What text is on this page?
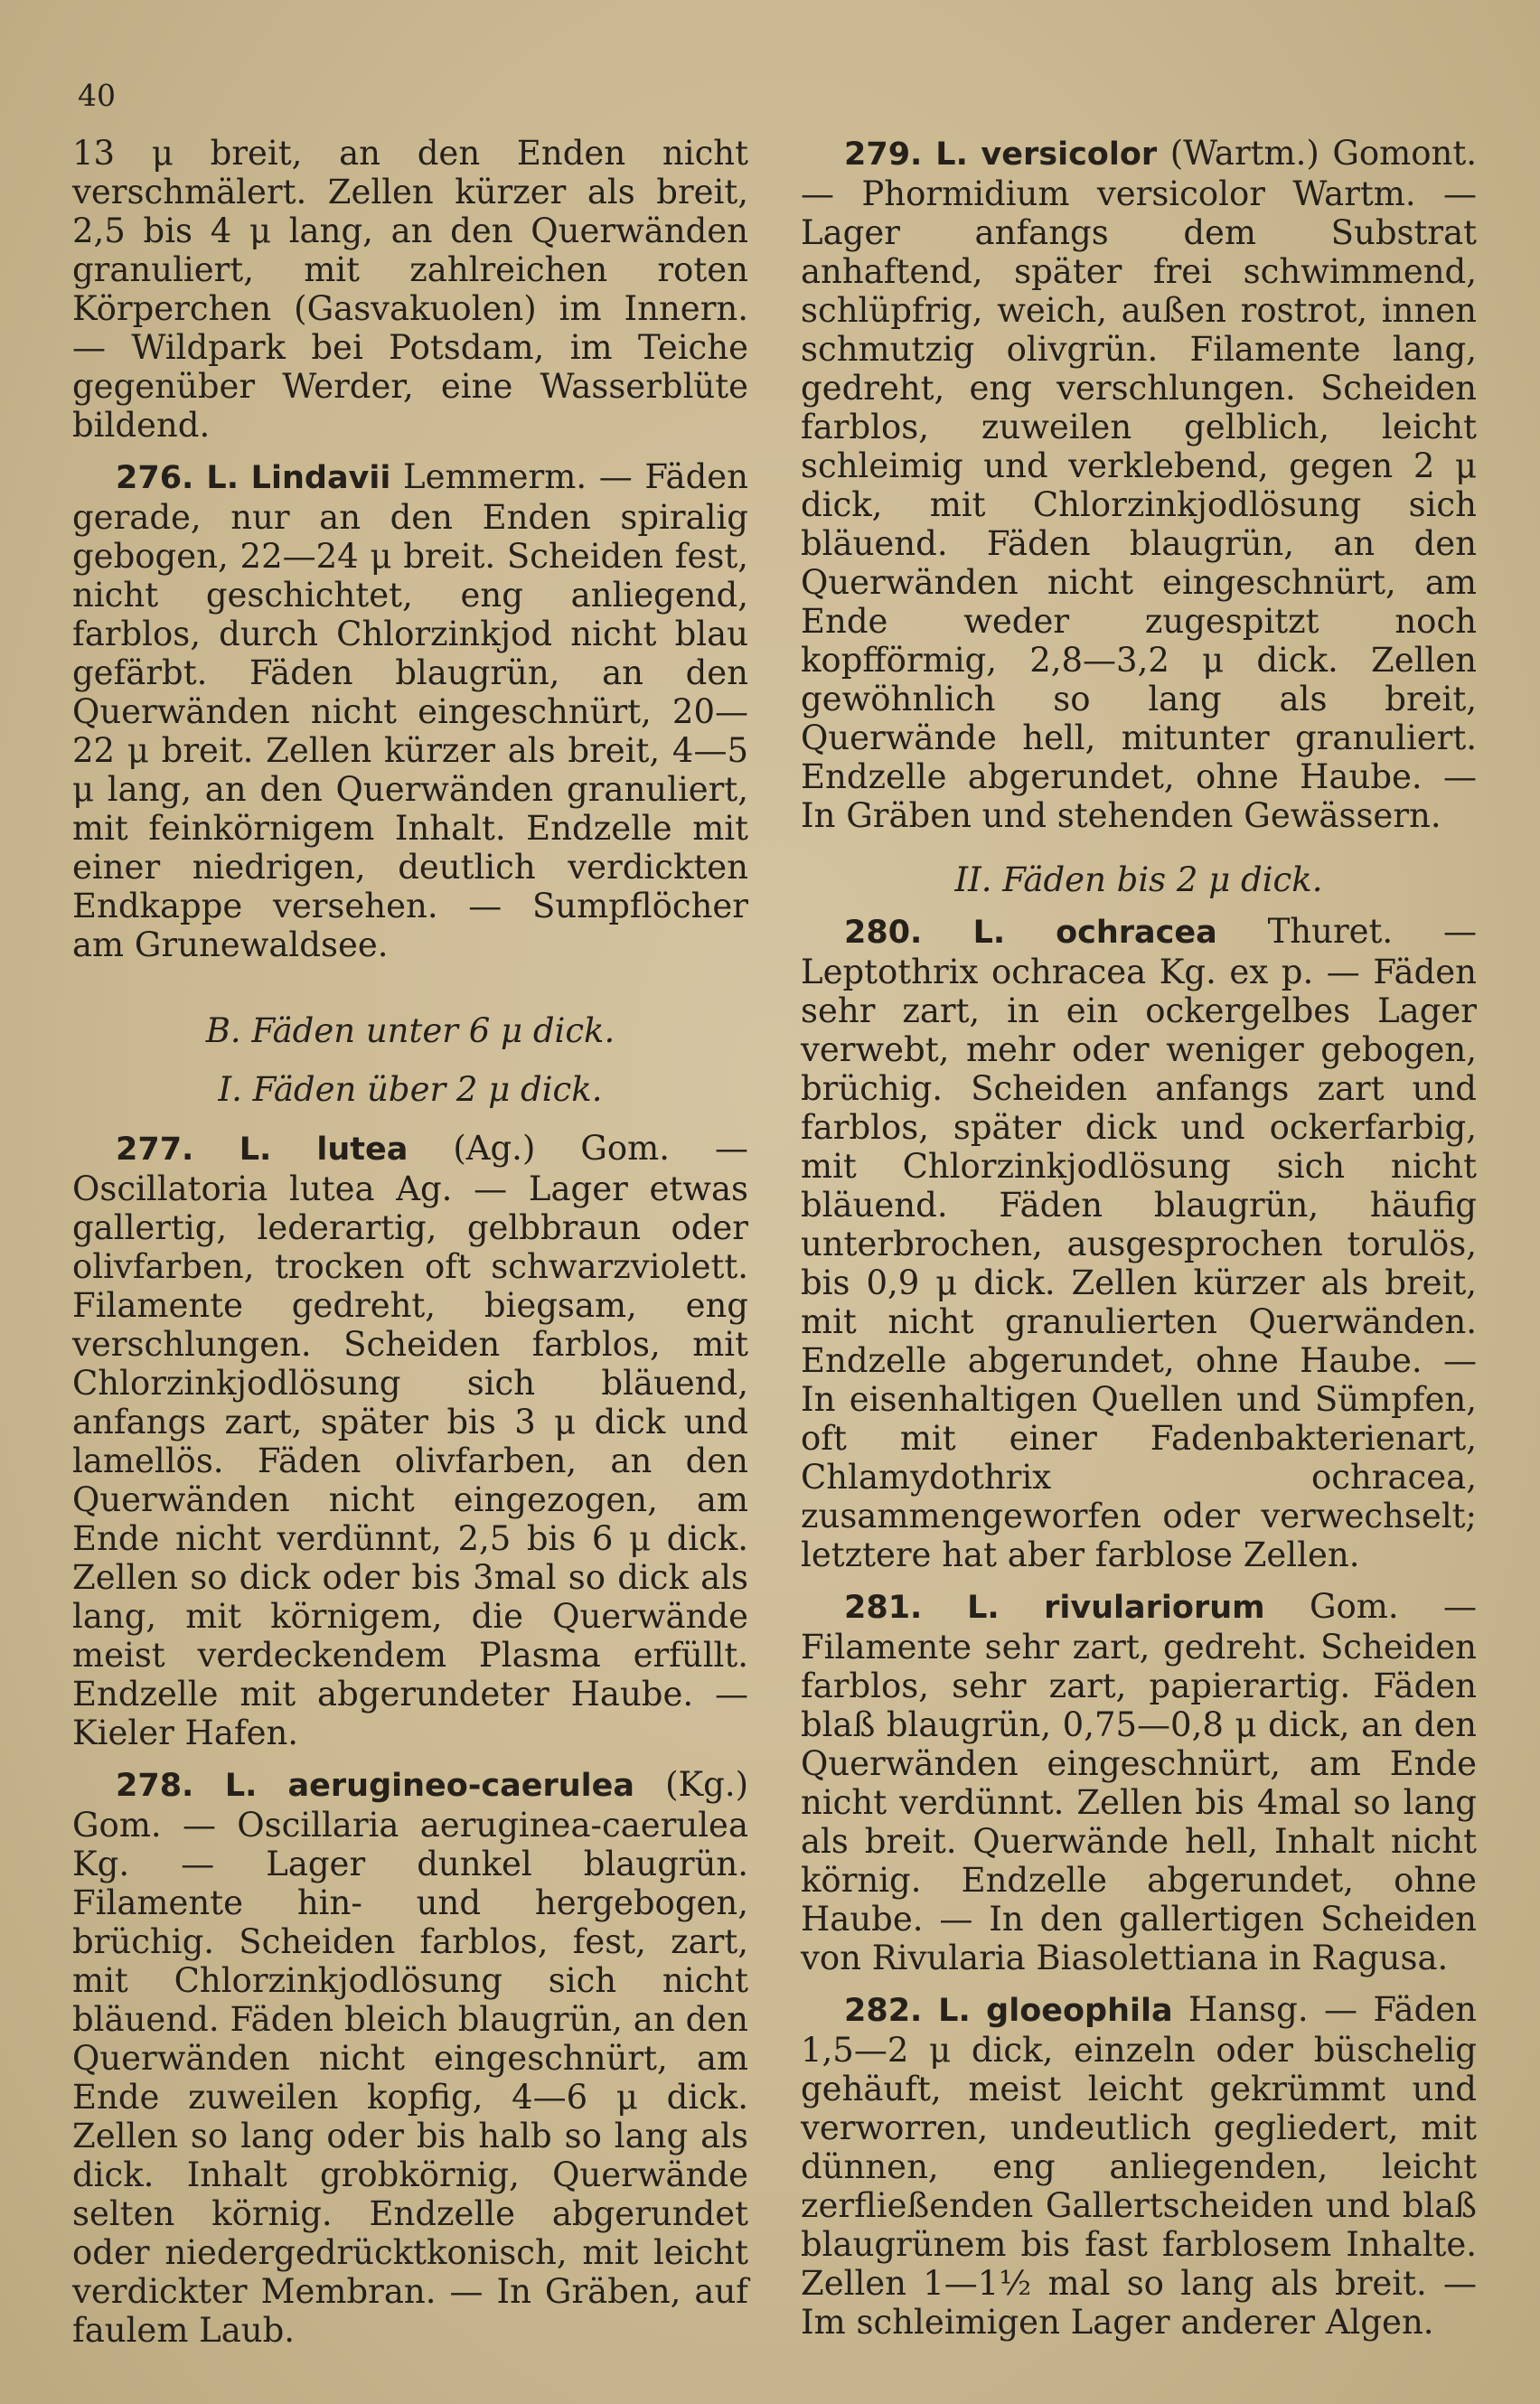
40

13 μ breit, an den Enden nicht verschmälert. Zellen kürzer als breit, 2,5 bis 4 μ lang, an den Querwänden granuliert, mit zahlreichen roten Körperchen (Gasvakuolen) im Innern. — Wildpark bei Potsdam, im Teiche gegenüber Werder, eine Wasserblüte bildend.

276. L. Lindavii Lemmerm. — Fäden gerade, nur an den Enden spiralig gebogen, 22—24 μ breit. Scheiden fest, nicht geschichtet, eng anliegend, farblos, durch Chlorzinkjod nicht blau gefärbt. Fäden blaugrün, an den Querwänden nicht eingeschnürt, 20—22 μ breit. Zellen kürzer als breit, 4—5 μ lang, an den Querwänden granuliert, mit feinkörnigem Inhalt. Endzelle mit einer niedrigen, deutlich verdickten Endkappe versehen. — Sumpflöcher am Grunewaldsee.

B. Fäden unter 6 μ dick.

I. Fäden über 2 μ dick.

277. L. lutea (Ag.) Gom. — Oscillatoria lutea Ag. — Lager etwas gallertig, lederartig, gelbbraun oder olivfarben, trocken oft schwarzviolett. Filamente gedreht, biegsam, eng verschlungen. Scheiden farblos, mit Chlorzinkjodlösung sich bläuend, anfangs zart, später bis 3 μ dick und lamellös. Fäden olivfarben, an den Querwänden nicht eingezogen, am Ende nicht verdünnt, 2,5 bis 6 μ dick. Zellen so dick oder bis 3mal so dick als lang, mit körnigem, die Querwände meist verdeckendem Plasma erfüllt. Endzelle mit abgerundeter Haube. — Kieler Hafen.

278. L. aerugineo-caerulea (Kg.) Gom. — Oscillaria aeruginea-caerulea Kg. — Lager dunkel blaugrün. Filamente hin- und hergebogen, brüchig. Scheiden farblos, fest, zart, mit Chlorzinkjodlösung sich nicht bläuend. Fäden bleich blaugrün, an den Querwänden nicht eingeschnürt, am Ende zuweilen kopfig, 4—6 μ dick. Zellen so lang oder bis halb so lang als dick. Inhalt grobkörnig, Querwände selten körnig. Endzelle abgerundet oder niedergedrücktkonisch, mit leicht verdickter Membran. — In Gräben, auf faulem Laub.

279. L. versicolor (Wartm.) Gomont. — Phormidium versicolor Wartm. — Lager anfangs dem Substrat anhaftend, später frei schwimmend, schlüpfrig, weich, außen rostrot, innen schmutzig olivgrün. Filamente lang, gedreht, eng verschlungen. Scheiden farblos, zuweilen gelblich, leicht schleimig und verklebend, gegen 2 μ dick, mit Chlorzinkjodlösung sich bläuend. Fäden blaugrün, an den Querwänden nicht eingeschnürt, am Ende weder zugespitzt noch kopfförmig, 2,8—3,2 μ dick. Zellen gewöhnlich so lang als breit, Querwände hell, mitunter granuliert. Endzelle abgerundet, ohne Haube. — In Gräben und stehenden Gewässern.

II. Fäden bis 2 μ dick.

280. L. ochracea Thuret. — Leptothrix ochracea Kg. ex p. — Fäden sehr zart, in ein ockergelbes Lager verwebt, mehr oder weniger gebogen, brüchig. Scheiden anfangs zart und farblos, später dick und ockerfarbig, mit Chlorzinkjodlösung sich nicht bläuend. Fäden blaugrün, häufig unterbrochen, ausgesprochen torulös, bis 0,9 μ dick. Zellen kürzer als breit, mit nicht granulierten Querwänden. Endzelle abgerundet, ohne Haube. — In eisenhaltigen Quellen und Sümpfen, oft mit einer Fadenbakterienart, Chlamydothrix ochracea, zusammengeworfen oder verwechselt; letztere hat aber farblose Zellen.

281. L. rivulariorum Gom. — Filamente sehr zart, gedreht. Scheiden farblos, sehr zart, papierartig. Fäden blaß blaugrün, 0,75—0,8 μ dick, an den Querwänden eingeschnürt, am Ende nicht verdünnt. Zellen bis 4mal so lang als breit. Querwände hell, Inhalt nicht körnig. Endzelle abgerundet, ohne Haube. — In den gallertigen Scheiden von Rivularia Biasolettiana in Ragusa.

282. L. gloeophila Hansg. — Fäden 1,5—2 μ dick, einzeln oder büschelig gehäuft, meist leicht gekrümmt und verworren, undeutlich gegliedert, mit dünnen, eng anliegenden, leicht zerfließenden Gallertscheiden und blaß blaugrünem bis fast farblosem Inhalte. Zellen 1—1½ mal so lang als breit. — Im schleimigen Lager anderer Algen.
